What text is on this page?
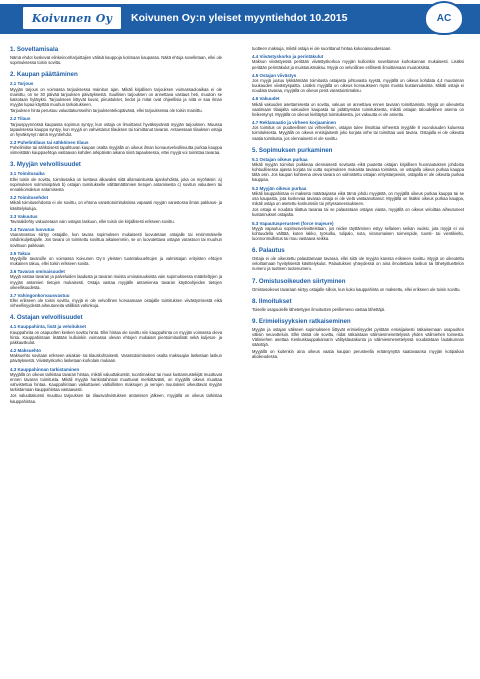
Koivunen Oy Koivunen Oy:n yleiset myyntiehdot 10.2015	AC
1. Soveltamisala
Nämä ehdot koskevat elinkeinonharjoittajien välisiä kauppoja kotimaan kaupassa. Näitä ehtoja sovelletaan, ellei ole sopimuksessa toisin sovittu.
2. Kaupan päättäminen
2.1 Tarjous
Myyjän tarjous on voimassa tarjouksessa mainitun ajan. Mikäli kirjallisen tarjouksen voimassaoloaikaa ei ole mainittu, on se 30 päivää tarjouksen päiväyksestä. Suullisen tarjouksen on annettava vastaus heti, muutoin se katsotaan hylätyksi. Tarjoukseen liittyvät kuvat, piirustukset, tiedot ja mitat ovat ohjeellisia ja niitä ei saa ilman myyjän lupaa käyttää muuhun tarkoitukseen.
Tarjouksen hinta perustuu valuuttakursseihin tarjouksentekopäivänä, ellei tarjouksessa ole toisin mainittu.
2.2 Tilaus
Tarjouspyynnössä kaupassa sopimus syntyy, kun ostaja on ilmoittanut hyväksyvänsä myyjän tarjouksen. Muussa tapauksessa kauppa syntyy, kun myyjä on vahvistanut tilauksen tai toimittanut tavaran. Antaessaan tilauksen ostaja on hyväksynyt nämä myyntiehdot.
2.3 Puhelintilaus tai sähköinen tilaus
Puhelimitse tai sähköisesti tapahtuvan kaupan osalta myyjällä on oikeus ilman korvausvelvollisuutta purkaa kauppa viimeistään kauppaehtoja vastaavan kahden arkipäivän aikana siinä tapauksessa, ettei myyjä voi toimittaa tavaraa.
3. Myyjän velvollisuudet
3.1 Toimitusaika
Ellei toisin ole sovittu, toimitusaika on luettava alkavaksi siitä allamainituista ajankohdista, joka on myöhäisin: a) sopimuksen solmimispäivä b) ostajan toimitukselle välttämättömien tietojen antamisesta c) sovitun valuuteen tai ennakkomaksun antamisesta
3.2 Toimitusehdot
Mikäli toimitusehdosta ei ole sovittu, on ehtona varastotoimituksissa vapaasti myyjän varastossa ilman pakkaus- ja käsittelykuluja.
3.3 Vakuutus
Tavarakilehty vakuutetaan vain ostajan laskuun, ellei toisin ole kirjallisesti erikseen sovittu.
3.4 Tavaran luovutus
Vaaranvastuu siirtyy ostajalle, kun tavara sopimuksen mukaisesti luovutetaan ostajalle tai ensimmäiselle rahdinkuljettajalle. Jos tavara on toimitettu sovittua aikaisemmin, se on luovutettava ostajan varastoon tai muuhun sovittuun paikkaan.
3.5 Takuu
Myydyille tavaroille on voimassa Koivunen Oy:n yleisten tuotetakuuehtojen ja valmistajan erityisten ehtojen mukainen takuu, ellei toisin erikseen sovita.
3.6 Tavaran ominaisuudet
Myyjä vastaa tavaran ja palveluiden laadusta ja tavaran muista ominaisuuksista vain sopimuksessa määriteltyjen ja myyjän antamien tietojen mukaisesti. Ostaja vastaa myyjälle antamiensa tavaran käyttöohjeiden tietojen oikeellisuudesta.
3.7 Vahingonkorvausvastuu
Ellei erikseen ole toisin sovittu, myyjä ei ole velvollinen korvaamaan ostajalle toimituksen viivästymisestä eikä virheellisyydestä aiheutuneita välillisiä vahinkoja.
4. Ostajan velvollisuudet
4.1 Kauppahinta, lisät ja veloitukset
Kauppahinta on osapuolten kesken sovittu hinta. Ellei hintaa ole sovittu niin kauppahinta on myyjän voimassa oleva hinta. Kauppahintaan lisätään kulloinkin voimassa olevan ehtojen mukaiset pientoimituslisät sekä kuljetus- ja pakkauskulut.
4.2 Maksuehto
Maksuehto sovitaan erikseen asiakas- tai tilauskohtaisesti. Varastotoimitusten osalta maksuajan lasketaan laskun päiväyksestä. Viivästyskorko lasketaan korkolain mukaan.
4.3 Kauppahinnan tarkistaminen
Myyjällä on oikeus tarkistaa tavaran hintaa, mikäli valuuttakurssit, tuontimaksut tai muut kustannustekijät muuttuvat ennen tavaran toimitusta. Mikäli myyjän hankintahinnat muuttuvat merkittävästi, on myyjällä oikeus muuttaa vahvistettua hintaa. Kauppahintaan vaikuttavien valtiollisten maksujen ja verojen muutokset oikeuttavat myyjän tarkistamaan kauppahintaa vastaavasti.
Jos valuuttakurssi muuttuu tarjouksen tai tilausvahvistuksen antamisen jälkeen, myyjällä on oikeus tarkistaa kauppahintaa.
tuotteen maksuja, mikäli ostaja ei ole suorittanut hintaa kokonaisuudessaan.
4.4 Viivästyskorko ja perintäkulut
Maksun viivästyessä peritään viivästyskorkoa myyjän kulloinkin soveltaman korkokannan mukaisesti. Lisäksi peritään perintäkulut ja muistutusmaksu. Myyjä on velvollinen erillisesti ilmoittamaan muutoksista.
4.5 Ostajan viivästys
Jos myyjä joutuu lykkäämään toimitusta ostajasta johtuvasta syystä, myyjällä on oikeus kohdata 4,4 muutaman kuukauden viivästyspaitta. Lisäksi myyjällä on oikeus korvaukseen myös muista kustannuksista. Mikäli ostaja ei noudata tavaraa, myyjällä on oikeus periä varastointimaksu.
4.6 Vakuudet
Mikäli vakuuden asettamisesta on sovittu, vakuus on annettava ennen tavaran toimittamista. Myyjä on oikeutettu vaatimaan tilaajalta vakuuden kaupasta tai pidättymään toimituksesta, mikäli ostajan taloudellinen asema on heikentynyt. Myyjällä on oikeus kieltäytyä toimituksesta, jos vakuutta ei ole annettu.
4.7 Reklamaatio ja virheen korjaaminen
Jos toimitus on puutteellinen tai virheellinen, ostajan tulee ilmoittaa virheestä myyjälle 8 vuorokauden kuluessa toimituksesta. Myyjällä on oikeus ensisijaisesti joko korjata virhe tai toimittaa uusi tavara. Ostajalla ei ole oikeutta vaatia toimitusta, jos olennaisesti ei ole sovittu.
5. Sopimuksen purkaminen
5.1 Ostajan oikeus purkaa
Mikäli myyjän toimitus poikkeaa olennaisesti sovitusta eikä puutetta ostajan kirjallisen huomautuksen johdosta kohtuullisessa ajassa korjata tai uutta sopimuksen mukaista tavaraa toimiteta, on ostajalla oikeus purkaa kauppa tältä osin. Jos kaupan kohteena oleva tavara on valmistettu ostajan erityistarpeisiin, ostajalla ei ole oikeutta purkaa kauppaa.
5.2 Myyjän oikeus purkaa
Mikäli kauppahintaa ei makseta määräajassa eikä tämä johdu myyjästä, on myyjällä oikeus purkaa kauppa tai se osa kaupasta, jota koskevaa tavaraa ostaja ei ole vielä vastaanottanut. Myyjällä on lisäksi oikeus purkaa kauppa, mikäli ostaja on asetettu konkurssiin tai yrityssaneeraukseen.
Jos ostaja ei noudata tilattua tavaraa tai se palautetaan ostajan viasta, myyjällä on oikeus veloittaa aiheutuneet kustannukset ostajalta.
5.3 Vapautusperusteet (force majeure)
Myyjä vapautuu sopimusvelvoitteistaan, jos niiden täyttäminen estyy sellaisen seikan vuoksi, jota myyjä ei voi kohtuudella välttää, kuten lakko, työsulku, tulipalo, sota, viranomaisen toimenpide, tuonti- tai vientikielto, luonnonmullistus tai muu vastaava seikka.
6. Palautus
Ostaja ei ole oikeutettu palauttamaan tavaraa, ellei siitä ole myyjän kanssa erikseen sovittu. Myyjä on oikeutettu veloittamaan hyvityksestä käsittelykulut. Palautuksen yhteydessä on aina ilmoitettava laskun tai lähetysluettelon numero ja tuotteen tuotenumero.
7. Omistusoikeuden siirtyminen
Omistusoikeus tavaraan siirtyy ostajalle silloin, kun koko kauppahinta on maksettu, ellei erikseen ole toisin sovittu.
8. Ilmoitukset
Toiselle osapuolelle lähetettyjen ilmoitusten perillemeno vastaa lähettäjä.
9. Erimielisyyksien ratkaiseminen
Myyjän ja ostajan väliseen sopimukseen liittyvät erimielisyydet pyritään ensisijaisesti ratkaisemaan osapuolten välisin neuvotteluin. Ellei tässä ole sovittu, riidat ratkaistaan välimiesmenettelyssä yhden välimiehen toimesta. Välimiehen asettaa Keskuskauppakamarin välityslautakunta ja välimiesmenettelyssä noudatetaan lautakunnan sääntöjä.
Myyjällä on kuitenkin aina oikeus vaatia kaupan perusteella erääntynyttä saatavaansa myyjän kotipaikan alioikeudessa.
